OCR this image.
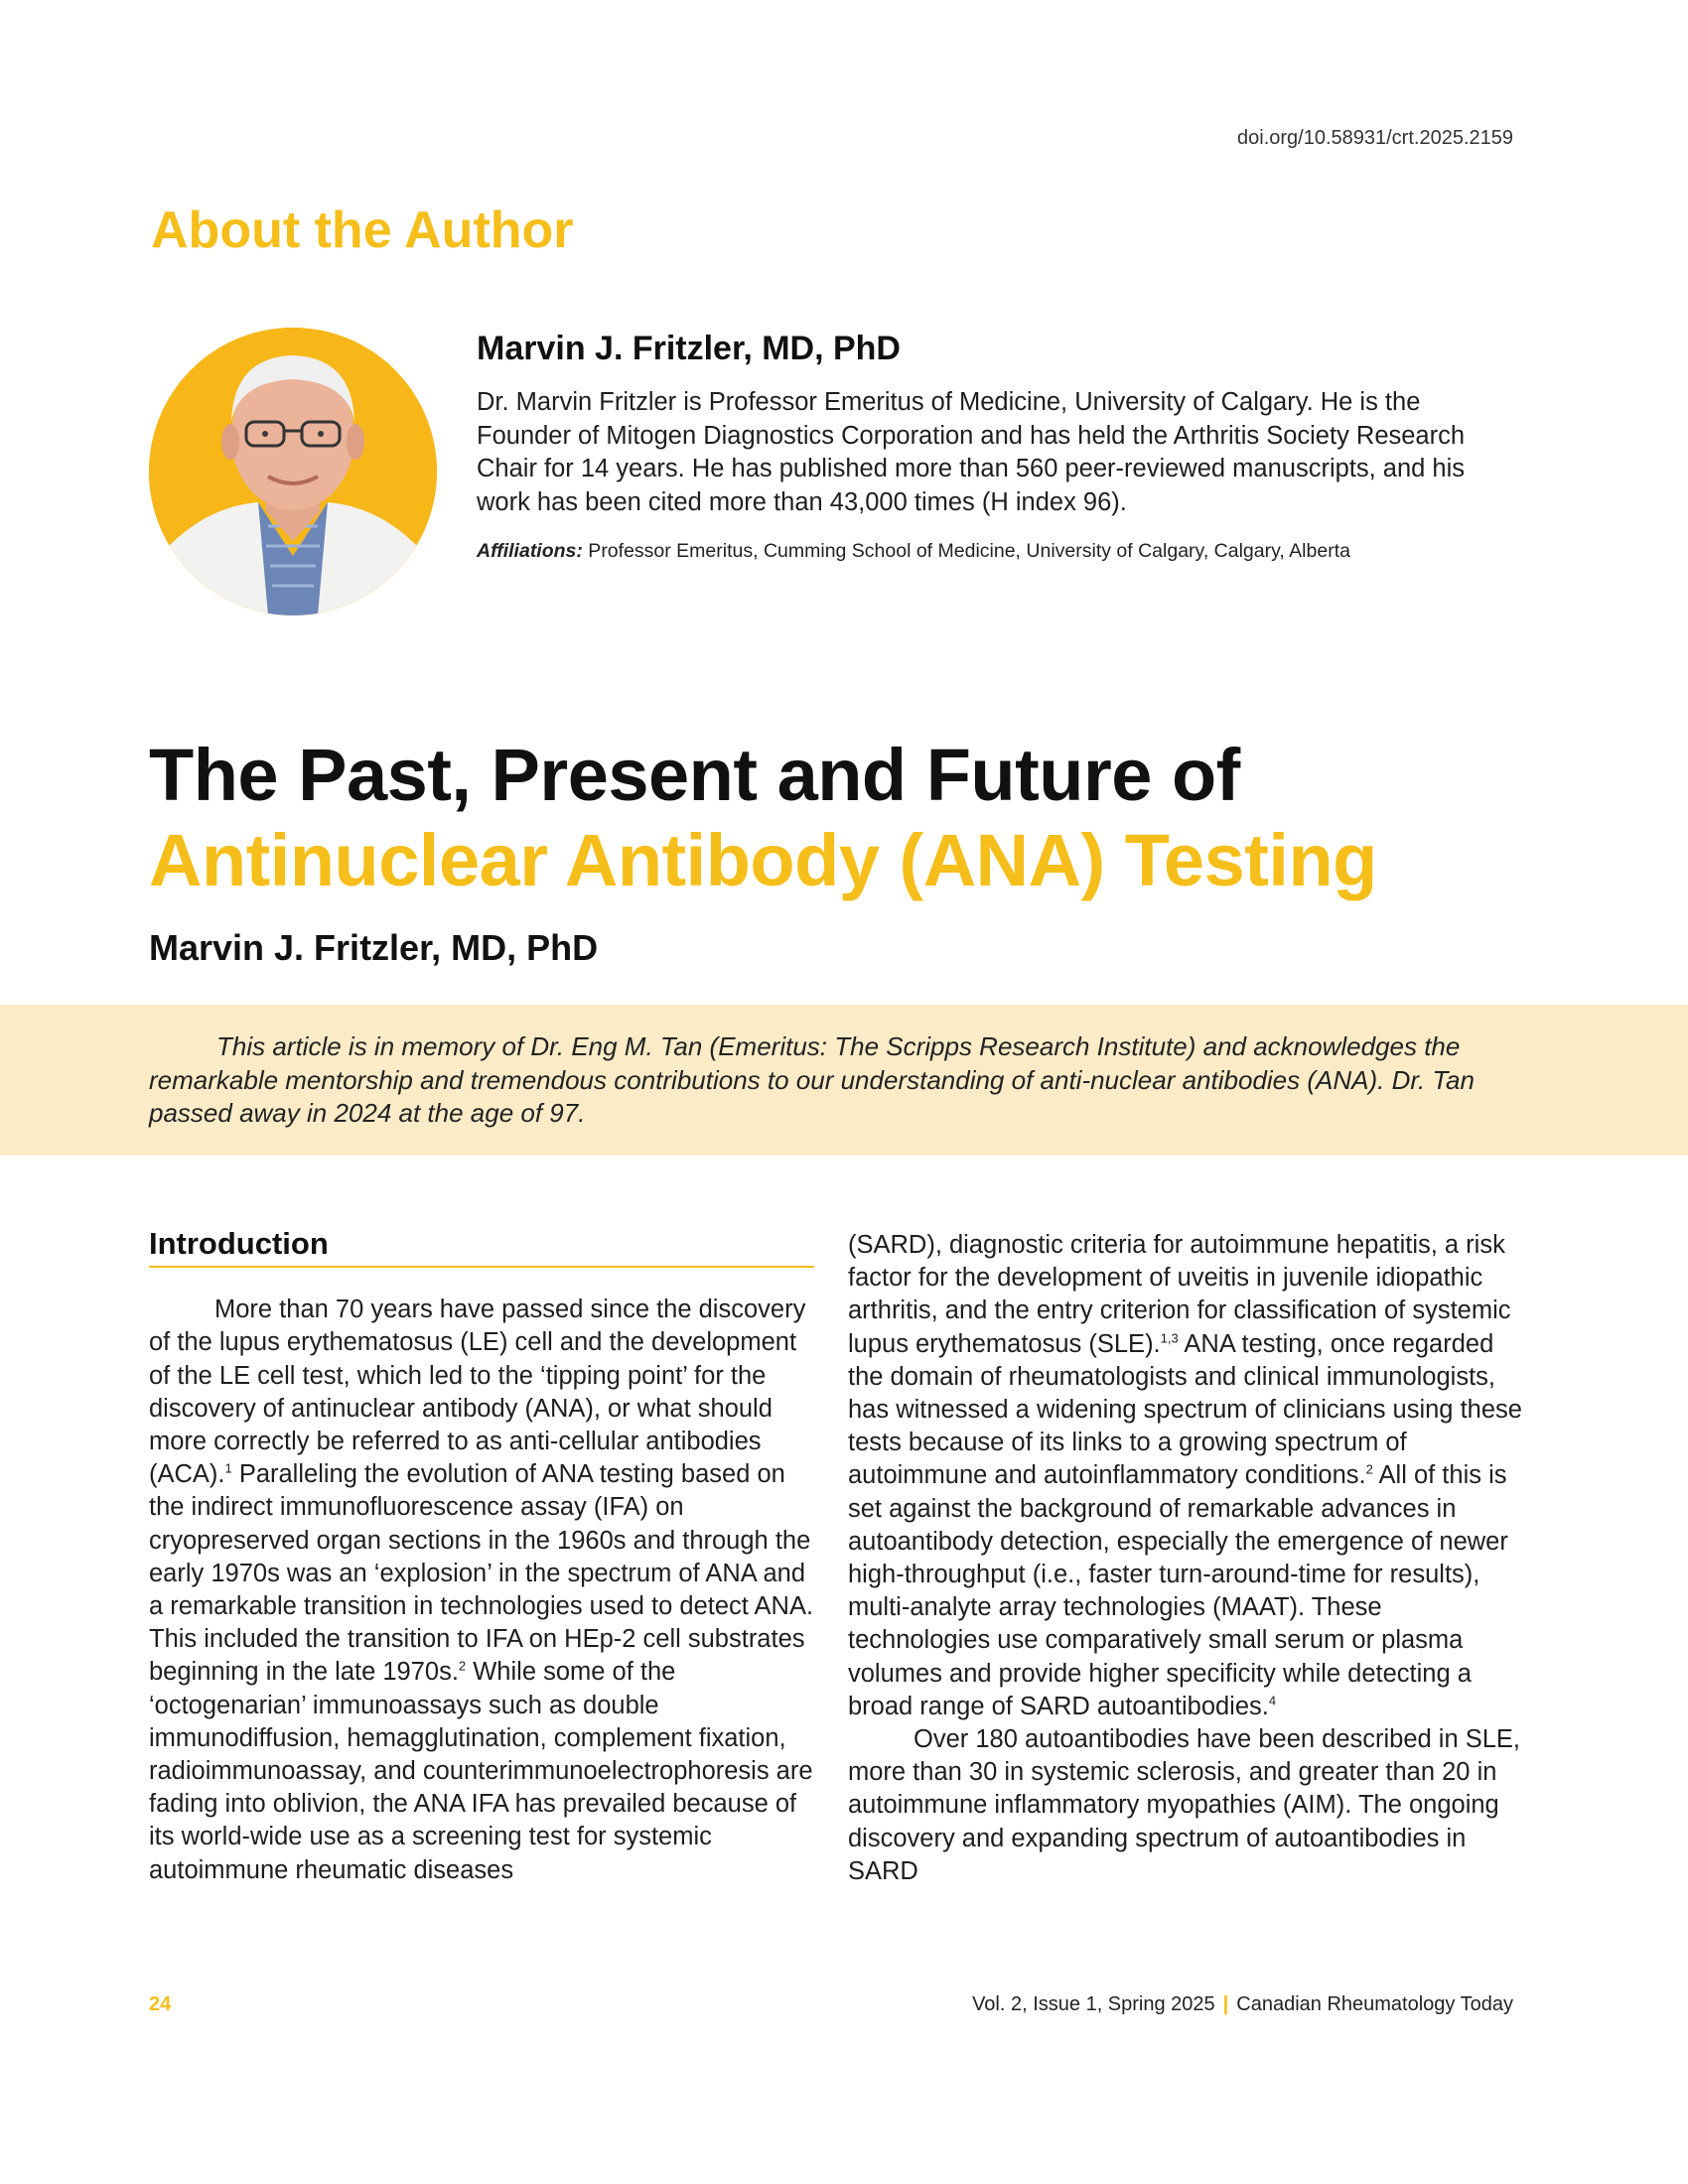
doi.org/10.58931/crt.2025.2159
About the Author
Marvin J. Fritzler, MD, PhD

Dr. Marvin Fritzler is Professor Emeritus of Medicine, University of Calgary. He is the Founder of Mitogen Diagnostics Corporation and has held the Arthritis Society Research Chair for 14 years. He has published more than 560 peer-reviewed manuscripts, and his work has been cited more than 43,000 times (H index 96).

Affiliations: Professor Emeritus, Cumming School of Medicine, University of Calgary, Calgary, Alberta
The Past, Present and Future of
Antinuclear Antibody (ANA) Testing
Marvin J. Fritzler, MD, PhD

This article is in memory of Dr. Eng M. Tan (Emeritus: The Scripps Research Institute) and acknowledges the remarkable mentorship and tremendous contributions to our understanding of anti-nuclear antibodies (ANA). Dr. Tan passed away in 2024 at the age of 97.

Introduction

More than 70 years have passed since the discovery of the lupus erythematosus (LE) cell and the development of the LE cell test, which led to the ‘tipping point’ for the discovery of antinuclear antibody (ANA), or what should more correctly be referred to as anti-cellular antibodies (ACA).$^1$ Paralleling the evolution of ANA testing based on the indirect immunofluorescence assay (IFA) on cryopreserved organ sections in the 1960s and through the early 1970s was an ‘explosion’ in the spectrum of ANA and a remarkable transition in technologies used to detect ANA. This included the transition to IFA on HEp-2 cell substrates beginning in the late 1970s.$^2$ While some of the ‘octogenarian’ immunoassays such as double immunodiffusion, hemagglutination, complement fixation, radioimmunoassay, and counterimmunoelectrophoresis are fading into oblivion, the ANA IFA has prevailed because of its world-wide use as a screening test for systemic autoimmune rheumatic diseases

(SARD), diagnostic criteria for autoimmune hepatitis, a risk factor for the development of uveitis in juvenile idiopathic arthritis, and the entry criterion for classification of systemic lupus erythematosus (SLE).$^{1,3}$ ANA testing, once regarded the domain of rheumatologists and clinical immunologists, has witnessed a widening spectrum of clinicians using these tests because of its links to a growing spectrum of autoimmune and autoinflammatory conditions.$^2$ All of this is set against the background of remarkable advances in autoantibody detection, especially the emergence of newer high-throughput (i.e., faster turn-around-time for results), multi-analyte array technologies (MAAT). These technologies use comparatively small serum or plasma volumes and provide higher specificity while detecting a broad range of SARD autoantibodies.$^4$

Over 180 autoantibodies have been described in SLE, more than 30 in systemic sclerosis, and greater than 20 in autoimmune inflammatory myopathies (AIM). The ongoing discovery and expanding spectrum of autoantibodies in SARD

24	Vol. 2, Issue 1, Spring 2025 | Canadian Rheumatology Today
